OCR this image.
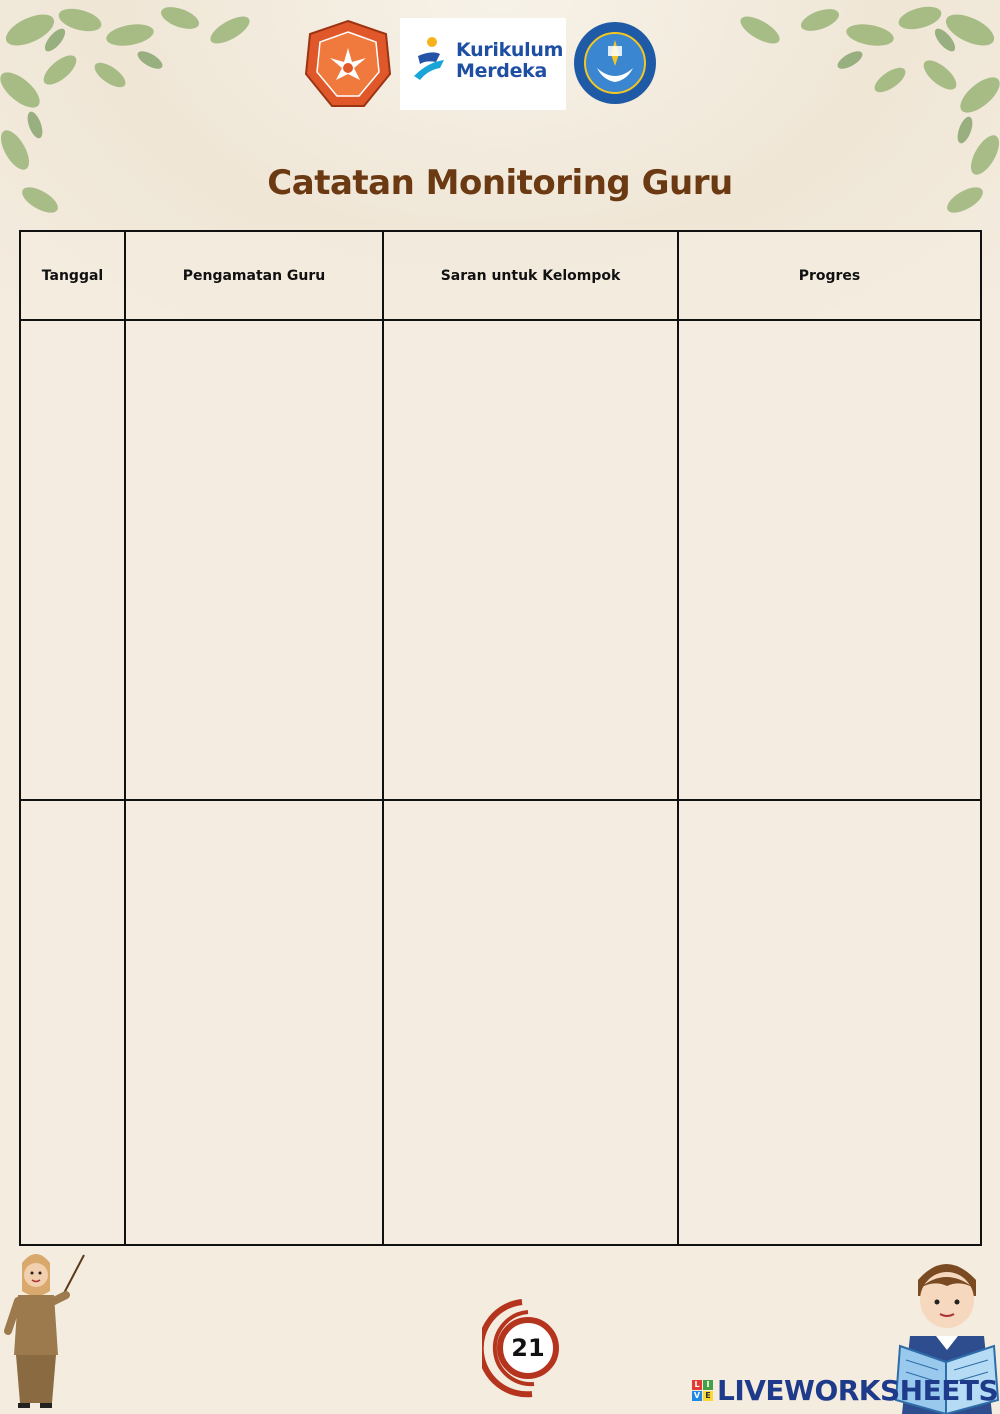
Kurikulum
Merdeka
Catatan Monitoring Guru
Tanggal	Pengamatan Guru	Saran untuk Kelompok	Progres
21
L I
V E LIVEWORKSHEETS
